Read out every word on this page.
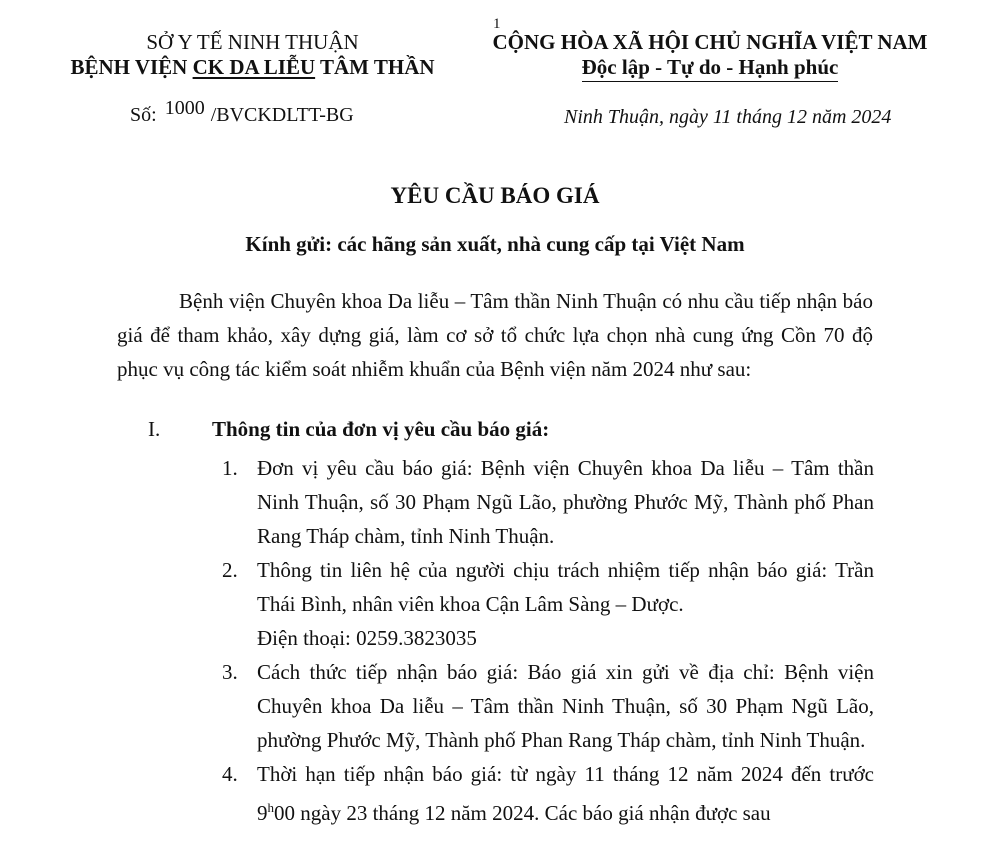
1
SỞ Y TẾ NINH THUẬN
BỆNH VIỆN CK DA LIỄU TÂM THẦN
CỘNG HÒA XÃ HỘI CHỦ NGHĨA VIỆT NAM
Độc lập - Tự do - Hạnh phúc
Số: 1000 /BVCKDLTT-BG	Ninh Thuận, ngày 11 tháng 12 năm 2024
YÊU CẦU BÁO GIÁ
Kính gửi: các hãng sản xuất, nhà cung cấp tại Việt Nam
Bệnh viện Chuyên khoa Da liễu – Tâm thần Ninh Thuận có nhu cầu tiếp nhận báo giá để tham khảo, xây dựng giá, làm cơ sở tổ chức lựa chọn nhà cung ứng Cồn 70 độ phục vụ công tác kiểm soát nhiễm khuẩn của Bệnh viện năm 2024 như sau:
I. Thông tin của đơn vị yêu cầu báo giá:
1. Đơn vị yêu cầu báo giá: Bệnh viện Chuyên khoa Da liễu – Tâm thần Ninh Thuận, số 30 Phạm Ngũ Lão, phường Phước Mỹ, Thành phố Phan Rang Tháp chàm, tỉnh Ninh Thuận.
2. Thông tin liên hệ của người chịu trách nhiệm tiếp nhận báo giá: Trần Thái Bình, nhân viên khoa Cận Lâm Sàng – Dược.
Điện thoại: 0259.3823035
3. Cách thức tiếp nhận báo giá: Báo giá xin gửi về địa chỉ: Bệnh viện Chuyên khoa Da liễu – Tâm thần Ninh Thuận, số 30 Phạm Ngũ Lão, phường Phước Mỹ, Thành phố Phan Rang Tháp chàm, tỉnh Ninh Thuận.
4. Thời hạn tiếp nhận báo giá: từ ngày 11 tháng 12 năm 2024 đến trước 9$^h$00 ngày 23 tháng 12 năm 2024. Các báo giá nhận được sau
